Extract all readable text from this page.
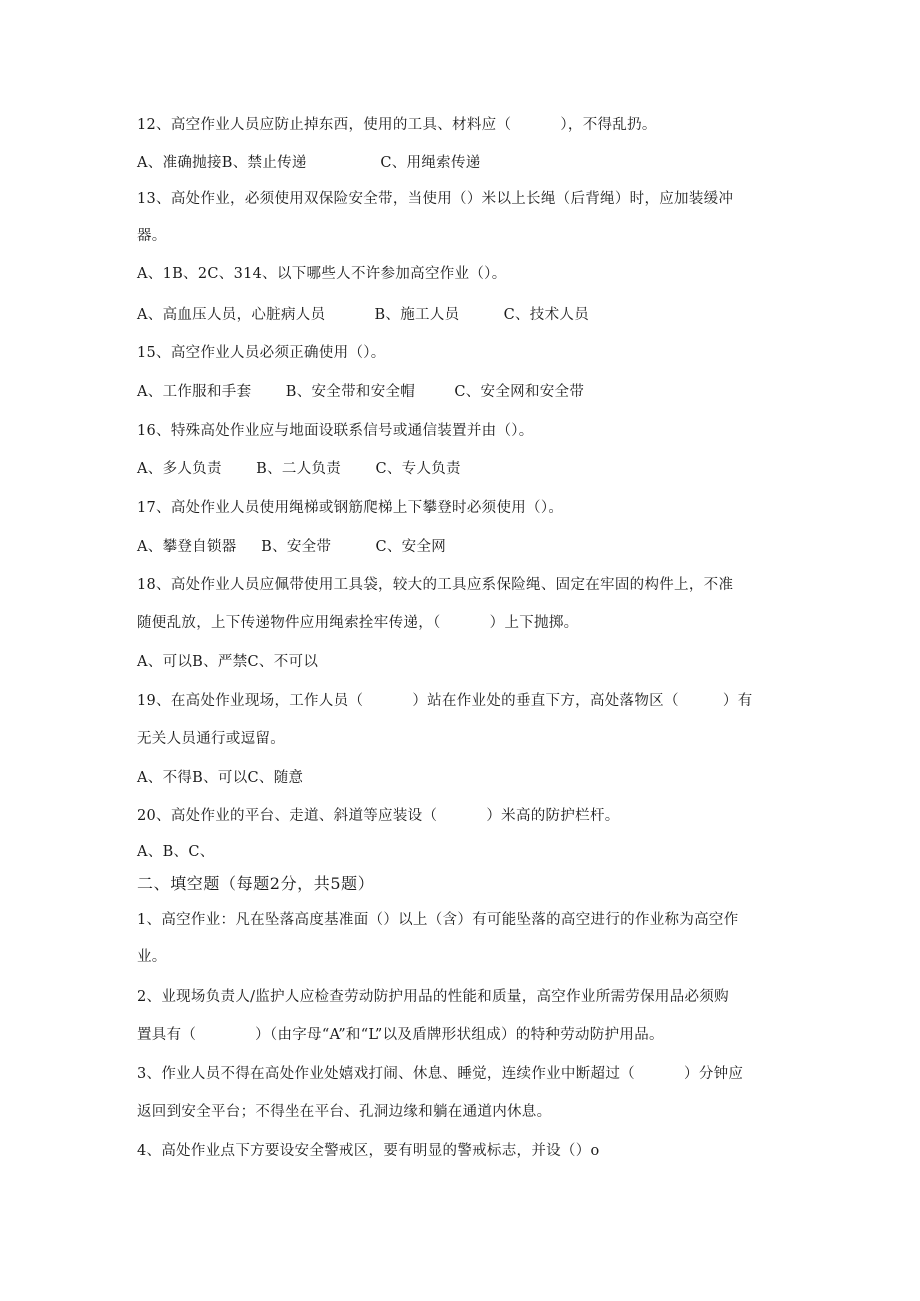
12、高空作业人员应防止掉东西，使用的工具、材料应（          ），不得乱扔。
A、准确抛接B、禁止传递               C、用绳索传递
13、高处作业，必须使用双保险安全带，当使用（）米以上长绳（后背绳）时，应加装缓冲
器。
A、1B、2C、314、以下哪些人不许参加高空作业（）。
A、高血压人员，心脏病人员          B、施工人员         C、技术人员
15、高空作业人员必须正确使用（）。
A、工作服和手套       B、安全带和安全帽        C、安全网和安全带
16、特殊高处作业应与地面设联系信号或通信装置并由（）。
A、多人负责       B、二人负责       C、专人负责
17、高处作业人员使用绳梯或钢筋爬梯上下攀登时必须使用（）。
A、攀登自锁器     B、安全带         C、安全网
18、高处作业人员应佩带使用工具袋，较大的工具应系保险绳、固定在牢固的构件上，不准
随便乱放，上下传递物件应用绳索拴牢传递，（          ）上下抛掷。
A、可以B、严禁C、不可以
19、在高处作业现场，工作人员（          ）站在作业处的垂直下方，高处落物区（         ）有
无关人员通行或逗留。
A、不得B、可以C、随意
20、高处作业的平台、走道、斜道等应装设（          ）米高的防护栏杆。
A、B、C、
二、填空题（每题2分，共5题）
1、高空作业：凡在坠落高度基准面（）以上（含）有可能坠落的高空进行的作业称为高空作
业。
2、业现场负责人/监护人应检查劳动防护用品的性能和质量，高空作业所需劳保用品必须购
置具有（            ）（由字母“A”和“L”以及盾牌形状组成）的特种劳动防护用品。
3、作业人员不得在高处作业处嬉戏打闹、休息、睡觉，连续作业中断超过（          ）分钟应
返回到安全平台；不得坐在平台、孔洞边缘和躺在通道内休息。
4、高处作业点下方要设安全警戒区，要有明显的警戒标志，并设（）o
